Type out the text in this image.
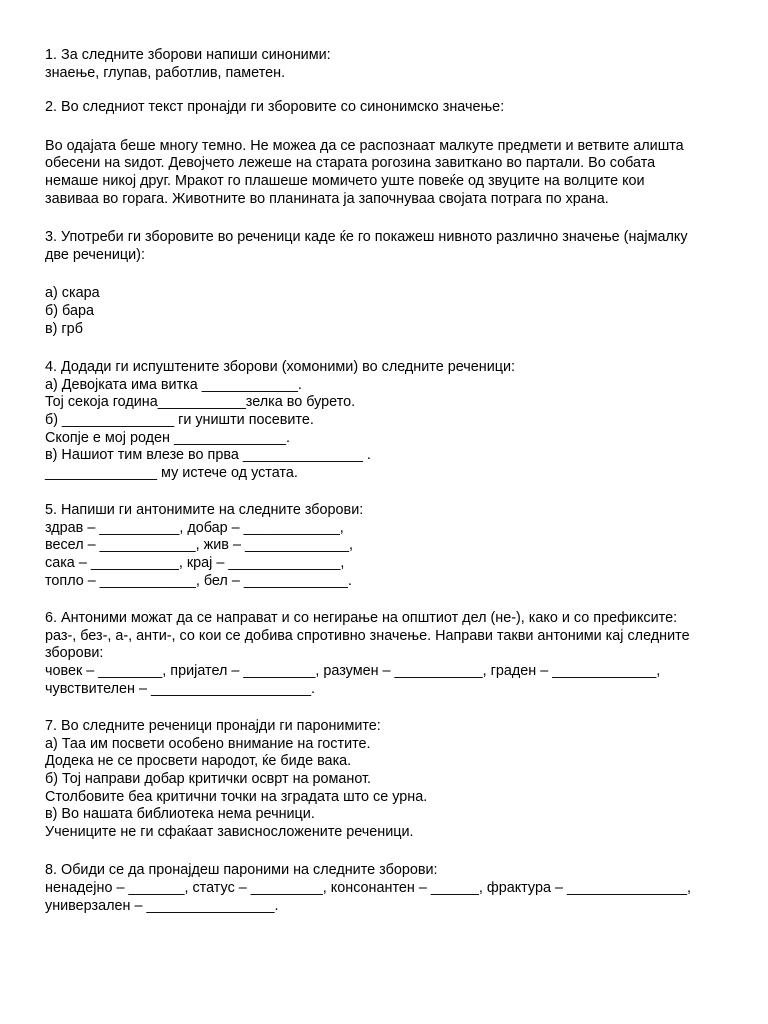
1. За следните зборови напиши синоними:
знаење, глупав, работлив, паметен.
2. Во следниот текст пронајди ги зборовите со синонимско значење:
Во одајата беше многу темно. Не можеа да се распознаат малкуте предмети и ветвите алишта
обесени на ѕидот. Девојчето лежеше на старата рогозина завиткано во партали. Во собата
немаше никој друг. Мракот го плашеше момичето уште повеќе од звуците на волците кои
завиваа во горага. Животните во планината ја започнуваа својата потрага по храна.
3. Употреби ги зборовите во реченици каде ќе го покажеш нивното различно значење (најмалку
две реченици):
а) скара
б) бара
в) грб
4. Додади ги испуштените зборови (хомоними) во следните реченици:
а) Девојката има витка ____________.
Тој секоја година___________зелка во бурето.
б) ______________ ги уништи посевите.
Скопје е мој роден ______________.
в) Нашиот тим влезе во прва _______________ .
______________ му истече од устата.
5. Напиши ги антонимите на следните зборови:
здрав – __________, добар – ____________,
весел – ____________, жив – _____________,
сака – ___________, крај – ______________,
топло – ____________, бел – _____________.
6. Антоними можат да се направат и со негирање на општиот дел (не-), како и со префиксите:
раз-, без-, а-, анти-, со кои се добива спротивно значење. Направи такви антоними кај следните
зборови:
човек – ________, пријател – _________, разумен – ___________, граден – _____________,
чувствителен – ____________________.
7. Во следните реченици пронајди ги паронимите:
а) Таа им посвети особено внимание на гостите.
Додека не се просвети народот, ќе биде вака.
б) Тој направи добар критички осврт на романот.
Столбовите беа критични точки на зградата што се урна.
в) Во нашата библиотека нема речници.
Учениците не ги сфаќаат зависносложените реченици.
8. Обиди се да пронајдеш пароними на следните зборови:
ненадејно – _______, статус – _________, консонантен – ______, фрактура – _______________,
универзален – ________________.
